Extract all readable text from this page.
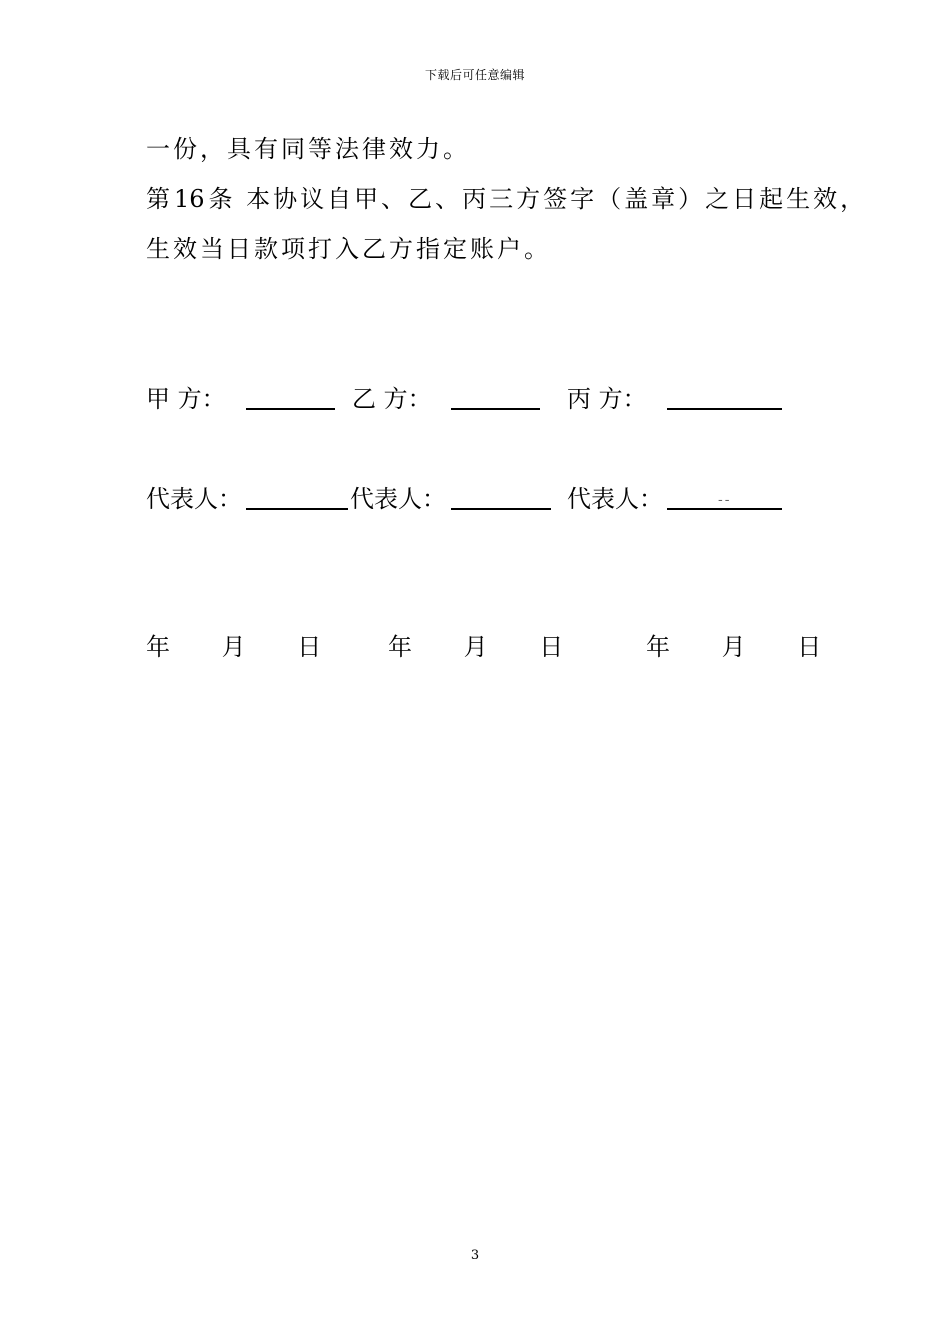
下载后可任意编辑
一份，具有同等法律效力。
第16 条 本协议自甲、乙、丙三方签字（盖章）之日起生效，
生效当日款项打入乙方指定账户。
甲 方：	乙 方：	丙 方：
代表人：	代表人：	代表人：	--
年 月 日 年 月 日	年 月 日
3
